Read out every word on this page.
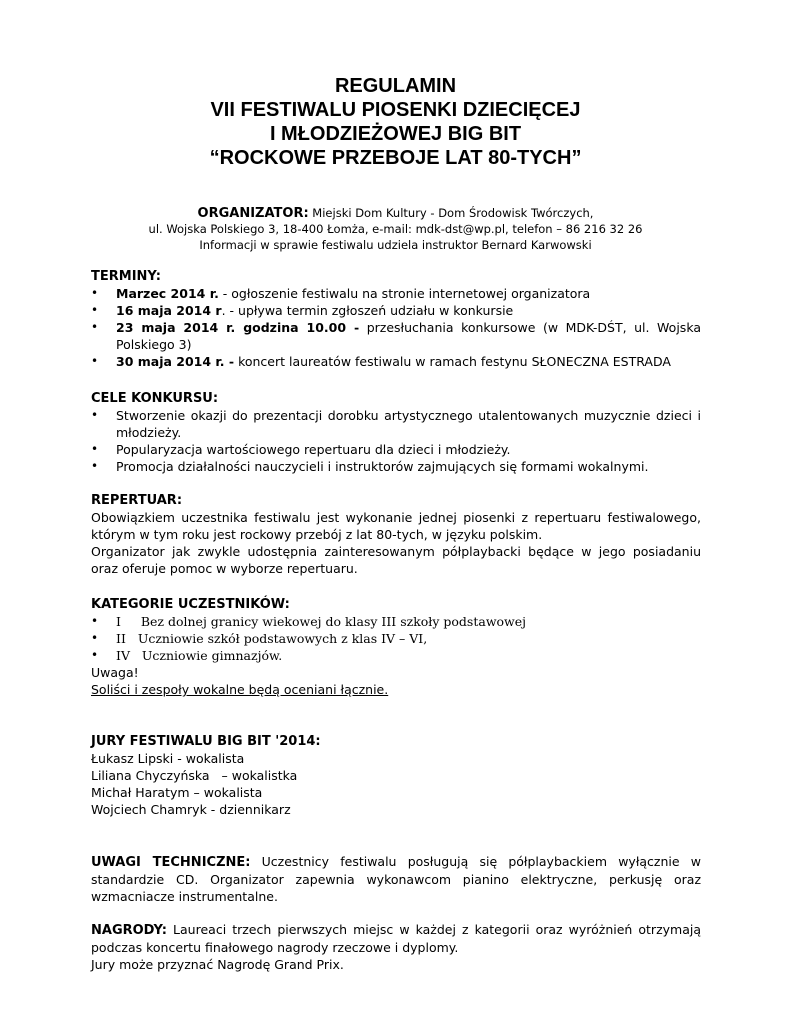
REGULAMIN
VII FESTIWALU PIOSENKI DZIECIĘCEJ
I MŁODZIEŻOWEJ BIG BIT
“ROCKOWE PRZEBOJE LAT 80-TYCH”
ORGANIZATOR: Miejski Dom Kultury - Dom Środowisk Twórczych,
ul. Wojska Polskiego 3, 18-400 Łomża, e-mail: mdk-dst@wp.pl, telefon – 86 216 32 26
Informacji w sprawie festiwalu udziela instruktor Bernard Karwowski
TERMINY:
•	Marzec 2014 r. - ogłoszenie festiwalu na stronie internetowej organizatora
•	16 maja 2014 r. - upływa termin zgłoszeń udziału w konkursie
•	23 maja 2014 r. godzina 10.00 - przesłuchania konkursowe (w MDK-DŚT, ul. Wojska Polskiego 3)
•	30 maja 2014 r. - koncert laureatów festiwalu w ramach festynu SŁONECZNA ESTRADA
CELE KONKURSU:
•	Stworzenie okazji do prezentacji dorobku artystycznego utalentowanych muzycznie dzieci i młodzieży.
•	Popularyzacja wartościowego repertuaru dla dzieci i młodzieży.
•	Promocja działalności nauczycieli i instruktorów zajmujących się formami wokalnymi.
REPERTUAR:
Obowiązkiem uczestnika festiwalu jest wykonanie jednej piosenki z repertuaru festiwalowego, którym w tym roku jest rockowy przebój z lat 80-tych, w języku polskim.
Organizator jak zwykle udostępnia zainteresowanym półplaybacki będące w jego posiadaniu oraz oferuje pomoc w wyborze repertuaru.
KATEGORIE UCZESTNIKÓW:
•	I Bez dolnej granicy wiekowej do klasy III szkoły podstawowej
•	II Uczniowie szkół podstawowych z klas IV – VI,
•	IV Uczniowie gimnazjów.
Uwaga!
Soliści i zespoły wokalne będą oceniani łącznie.
JURY FESTIWALU BIG BIT '2014:
Łukasz Lipski - wokalista
Liliana Chyczyńska   – wokalistka
Michał Haratym – wokalista
Wojciech Chamryk - dziennikarz
UWAGI TECHNICZNE: Uczestnicy festiwalu posługują się półplaybackiem wyłącznie w standardzie CD. Organizator zapewnia wykonawcom pianino elektryczne, perkusję oraz wzmacniacze instrumentalne.
NAGRODY: Laureaci trzech pierwszych miejsc w każdej z kategorii oraz wyróżnień otrzymają podczas koncertu finałowego nagrody rzeczowe i dyplomy.
Jury może przyznać Nagrodę Grand Prix.
